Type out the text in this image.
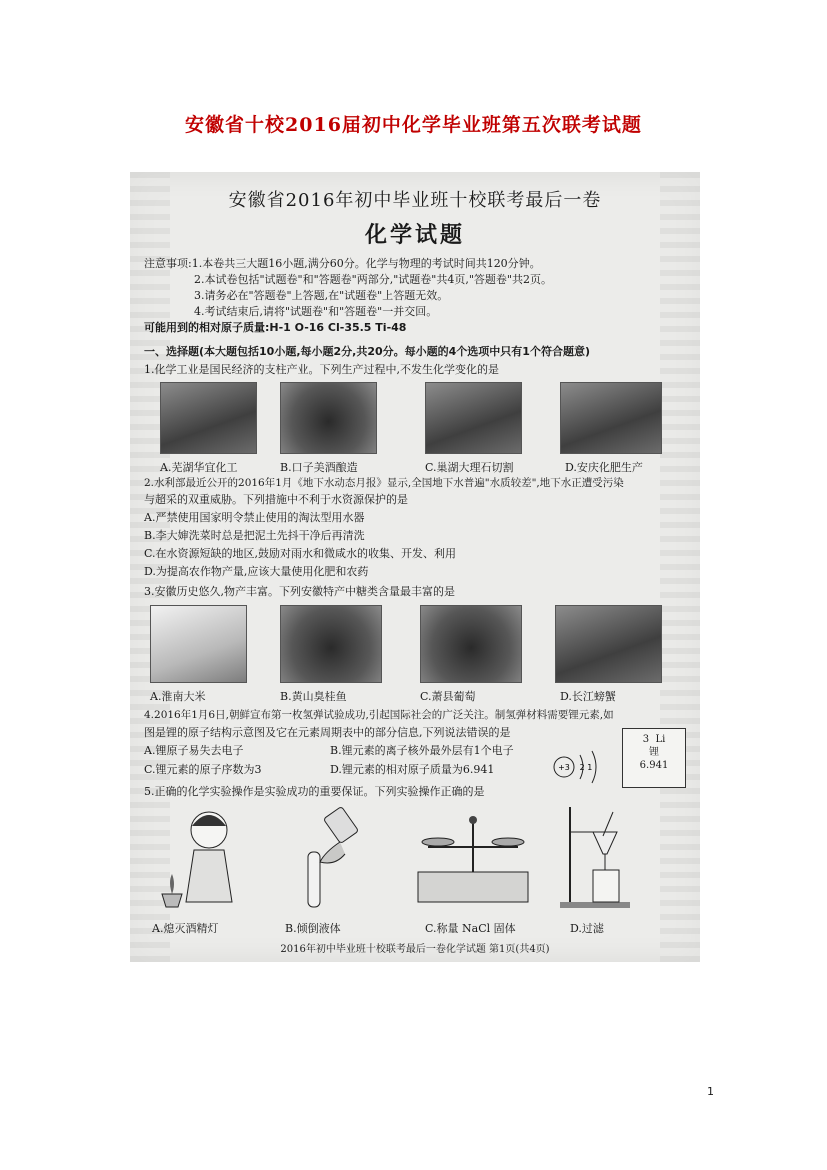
安徽省十校2016届初中化学毕业班第五次联考试题
安徽省2016年初中毕业班十校联考最后一卷
化学试题
注意事项:1.本卷共三大题16小题,满分60分。化学与物理的考试时间共120分钟。
2.本试卷包括"试题卷"和"答题卷"两部分,"试题卷"共4页,"答题卷"共2页。
3.请务必在"答题卷"上答题,在"试题卷"上答题无效。
4.考试结束后,请将"试题卷"和"答题卷"一并交回。
可能用到的相对原子质量:H-1 O-16 Cl-35.5 Ti-48
一、选择题(本大题包括10小题,每小题2分,共20分。每小题的4个选项中只有1个符合题意)
1.化学工业是国民经济的支柱产业。下列生产过程中,不发生化学变化的是
A.芜湖华宜化工	B.口子美酒酿造	C.巢湖大理石切割	D.安庆化肥生产
2.水利部最近公开的2016年1月《地下水动态月报》显示,全国地下水普遍"水质较差",地下水正遭受污染
与超采的双重威胁。下列措施中不利于水资源保护的是
A.严禁使用国家明令禁止使用的淘汰型用水器
B.李大婶洗菜时总是把泥土先抖干净后再清洗
C.在水资源短缺的地区,鼓励对雨水和微咸水的收集、开发、利用
D.为提高农作物产量,应该大量使用化肥和农药
3.安徽历史悠久,物产丰富。下列安徽特产中糖类含量最丰富的是
A.淮南大米	B.黄山臭桂鱼	C.萧县葡萄	D.长江螃蟹
4.2016年1月6日,朝鲜宣布第一枚氢弹试验成功,引起国际社会的广泛关注。制氢弹材料需要锂元素,如
图是锂的原子结构示意图及它在元素周期表中的部分信息,下列说法错误的是
A.锂原子易失去电子	B.锂元素的离子核外最外层有1个电子
C.锂元素的原子序数为3	D.锂元素的相对原子质量为6.941	+3 2 1
3 Li
锂
6.941
5.正确的化学实验操作是实验成功的重要保证。下列实验操作正确的是
A.熄灭酒精灯	B.倾倒液体	C.称量 NaCl 固体	D.过滤
2016年初中毕业班十校联考最后一卷化学试题 第1页(共4页)
1
